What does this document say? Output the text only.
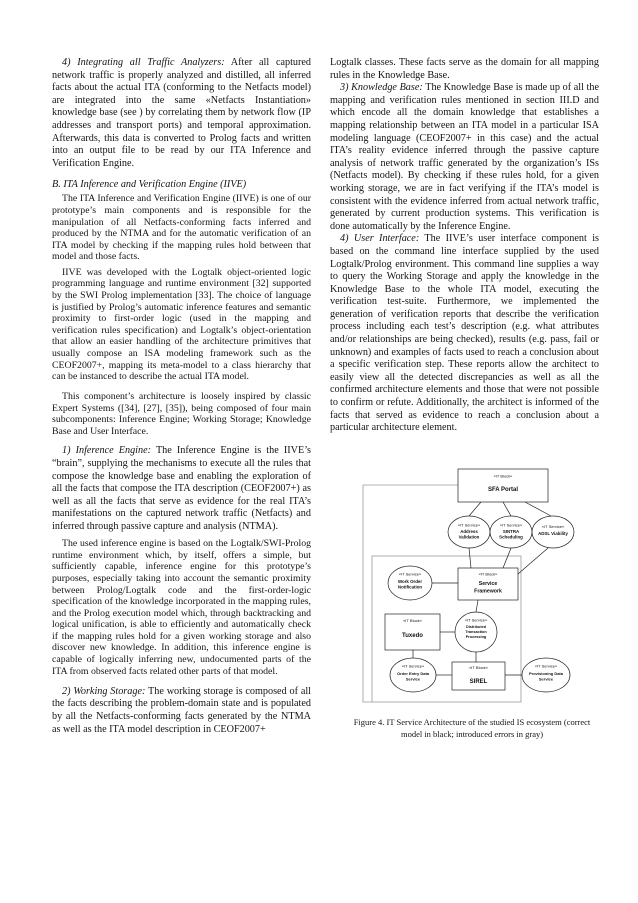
4) Integrating all Traffic Analyzers: After all captured network traffic is properly analyzed and distilled, all inferred facts about the actual ITA (conforming to the Netfacts model) are integrated into the same «Netfacts Instantiation» knowledge base (see ) by correlating them by network flow (IP addresses and transport ports) and temporal approximation. Afterwards, this data is converted to Prolog facts and written into an output file to be read by our ITA Inference and Verification Engine.

B. ITA Inference and Verification Engine (IIVE)

The ITA Inference and Verification Engine (IIVE) is one of our prototype’s main components and is responsible for the manipulation of all Netfacts-conforming facts inferred and produced by the NTMA and for the automatic verification of an ITA model by checking if the mapping rules hold between that model and those facts.

IIVE was developed with the Logtalk object-oriented logic programming language and runtime environment [32] supported by the SWI Prolog implementation [33]. The choice of language is justified by Prolog’s automatic inference features and semantic proximity to first-order logic (used in the mapping and verification rules specification) and Logtalk’s object-orientation that allow an easier handling of the architecture primitives that usually compose an ISA modeling framework such as the CEOF2007+, mapping its meta-model to a class hierarchy that can be instanced to describe the actual ITA model.

This component’s architecture is loosely inspired by classic Expert Systems ([34], [27], [35]), being composed of four main subcomponents: Inference Engine; Working Storage; Knowledge Base and User Interface.

1) Inference Engine: The Inference Engine is the IIVE’s “brain”, supplying the mechanisms to execute all the rules that compose the knowledge base and enabling the exploration of all the facts that compose the ITA description (CEOF2007+) as well as all the facts that serve as evidence for the real ITA’s manifestations on the captured network traffic (Netfacts) and inferred through passive capture and analysis (NTMA).

The used inference engine is based on the Logtalk/SWI-Prolog runtime environment which, by itself, offers a simple, but sufficiently capable, inference engine for this prototype’s purposes, especially taking into account the semantic proximity between Prolog/Logtalk code and the first-order-logic specification of the knowledge incorporated in the mapping rules, and the Prolog execution model which, through backtracking and logical unification, is able to efficiently and automatically check if the mapping rules hold for a given working storage and also discover new knowledge. In addition, this inference engine is capable of logically inferring new, undocumented parts of the ITA from observed facts related other parts of that model.

2) Working Storage: The working storage is composed of all the facts describing the problem-domain state and is populated by all the Netfacts-conforming facts generated by the NTMA as well as the ITA model description in CEOF2007+

Logtalk classes. These facts serve as the domain for all mapping rules in the Knowledge Base.

3) Knowledge Base: The Knowledge Base is made up of all the mapping and verification rules mentioned in section III.D and which encode all the domain knowledge that establishes a mapping relationship between an ITA model in a particular ISA modeling language (CEOF2007+ in this case) and the actual ITA’s reality evidence inferred through the passive capture analysis of network traffic generated by the organization’s ISs (Netfacts model). By checking if these rules hold, for a given working storage, we are in fact verifying if the ITA’s model is consistent with the evidence inferred from actual network traffic, generated by current production systems. This verification is done automatically by the Inference Engine.

4) User Interface: The IIVE’s user interface component is based on the command line interface supplied by the used Logtalk/Prolog environment. This command line supplies a way to query the Working Storage and apply the knowledge in the Knowledge Base to the whole ITA model, executing the verification test-suite. Furthermore, we implemented the generation of verification reports that describe the verification process including each test’s description (e.g. what attributes and/or relationships are being checked), results (e.g. pass, fail or unknown) and examples of facts used to reach a conclusion about a specific verification step. These reports allow the architect to easily view all the detected discrepancies as well as all the confirmed architecture elements and those that were not possible to confirm or refute. Additionally, the architect is informed of the facts that served as evidence to reach a conclusion about a particular architecture element.

«IT Block»
SFA Portal
«IT Service»
Address
Validation
«IT Service»
SINTRA
Scheduling
«IT Service»
ADSL Viability
«IT Block»
Service
Framework
«IT Service»
Work Order
Notification
«IT Block»
Tuxedo
«IT Service»
Distributed
Transaction
Processing
«IT Service»
Order Entry Data
Service
«IT Block»
SIREL
«IT Service»
Provisioning Data
Service
Figure 4. IT Service Architecture of the studied IS ecosystem (correct model in black; introduced errors in gray)
